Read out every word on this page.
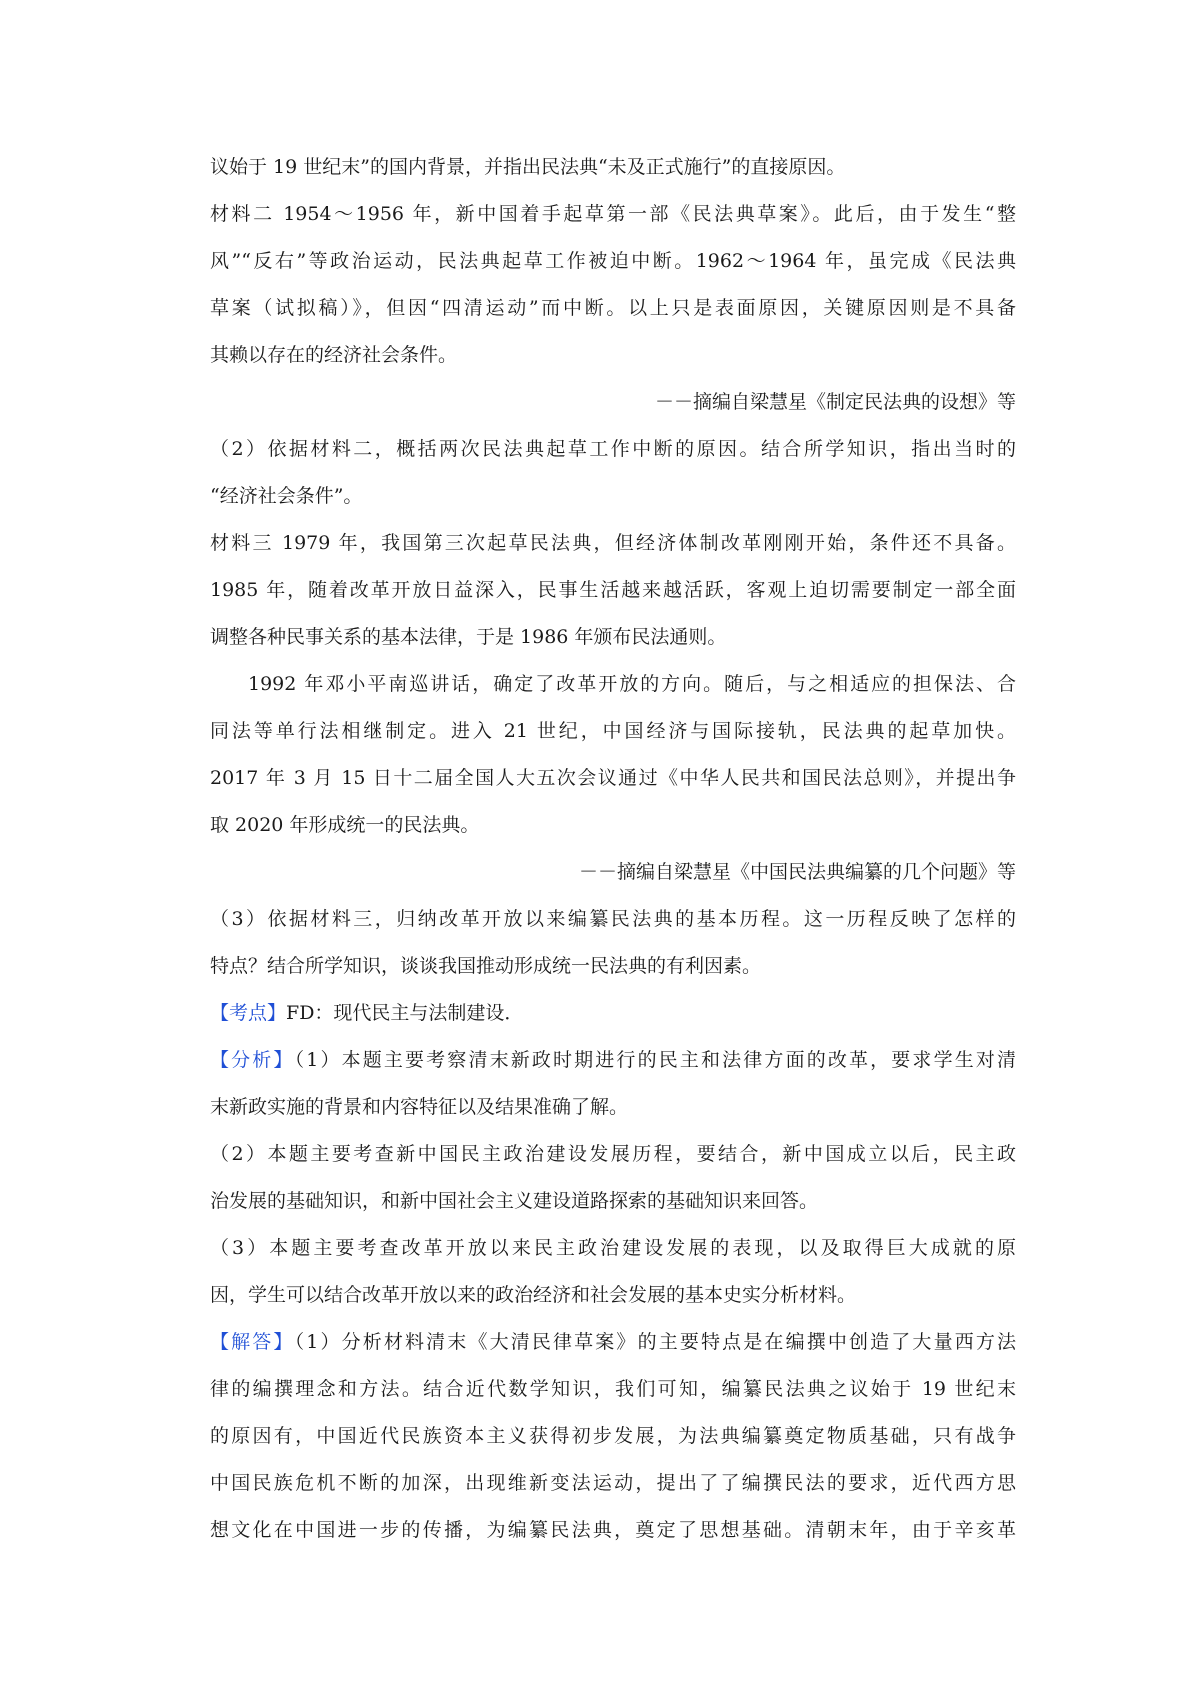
议始于 19 世纪末”的国内背景，并指出民法典“未及正式施行”的直接原因。
材料二 1954～1956 年，新中国着手起草第一部《民法典草案》。此后，由于发生“整
风”“反右”等政治运动，民法典起草工作被迫中断。1962～1964 年，虽完成《民法典
草案（试拟稿）》，但因“四清运动”而中断。以上只是表面原因，关键原因则是不具备
其赖以存在的经济社会条件。
－－摘编自梁慧星《制定民法典的设想》等
（2）依据材料二，概括两次民法典起草工作中断的原因。结合所学知识，指出当时的
“经济社会条件”。
材料三 1979 年，我国第三次起草民法典，但经济体制改革刚刚开始，条件还不具备。
1985 年，随着改革开放日益深入，民事生活越来越活跃，客观上迫切需要制定一部全面
调整各种民事关系的基本法律，于是 1986 年颁布民法通则。
1992 年邓小平南巡讲话，确定了改革开放的方向。随后，与之相适应的担保法、合
同法等单行法相继制定。进入 21 世纪，中国经济与国际接轨，民法典的起草加快。
2017 年 3 月 15 日十二届全国人大五次会议通过《中华人民共和国民法总则》，并提出争
取 2020 年形成统一的民法典。
－－摘编自梁慧星《中国民法典编纂的几个问题》等
（3）依据材料三，归纳改革开放以来编纂民法典的基本历程。这一历程反映了怎样的
特点？结合所学知识，谈谈我国推动形成统一民法典的有利因素。
【考点】FD：现代民主与法制建设．
【分析】（1）本题主要考察清末新政时期进行的民主和法律方面的改革，要求学生对清
末新政实施的背景和内容特征以及结果准确了解。
（2）本题主要考查新中国民主政治建设发展历程，要结合，新中国成立以后，民主政
治发展的基础知识，和新中国社会主义建设道路探索的基础知识来回答。
（3）本题主要考查改革开放以来民主政治建设发展的表现，以及取得巨大成就的原
因，学生可以结合改革开放以来的政治经济和社会发展的基本史实分析材料。
【解答】（1）分析材料清末《大清民律草案》的主要特点是在编撰中创造了大量西方法
律的编撰理念和方法。结合近代数学知识，我们可知，编纂民法典之议始于 19 世纪末
的原因有，中国近代民族资本主义获得初步发展，为法典编纂奠定物质基础，只有战争
中国民族危机不断的加深，出现维新变法运动，提出了了编撰民法的要求，近代西方思
想文化在中国进一步的传播，为编纂民法典，奠定了思想基础。清朝末年，由于辛亥革
